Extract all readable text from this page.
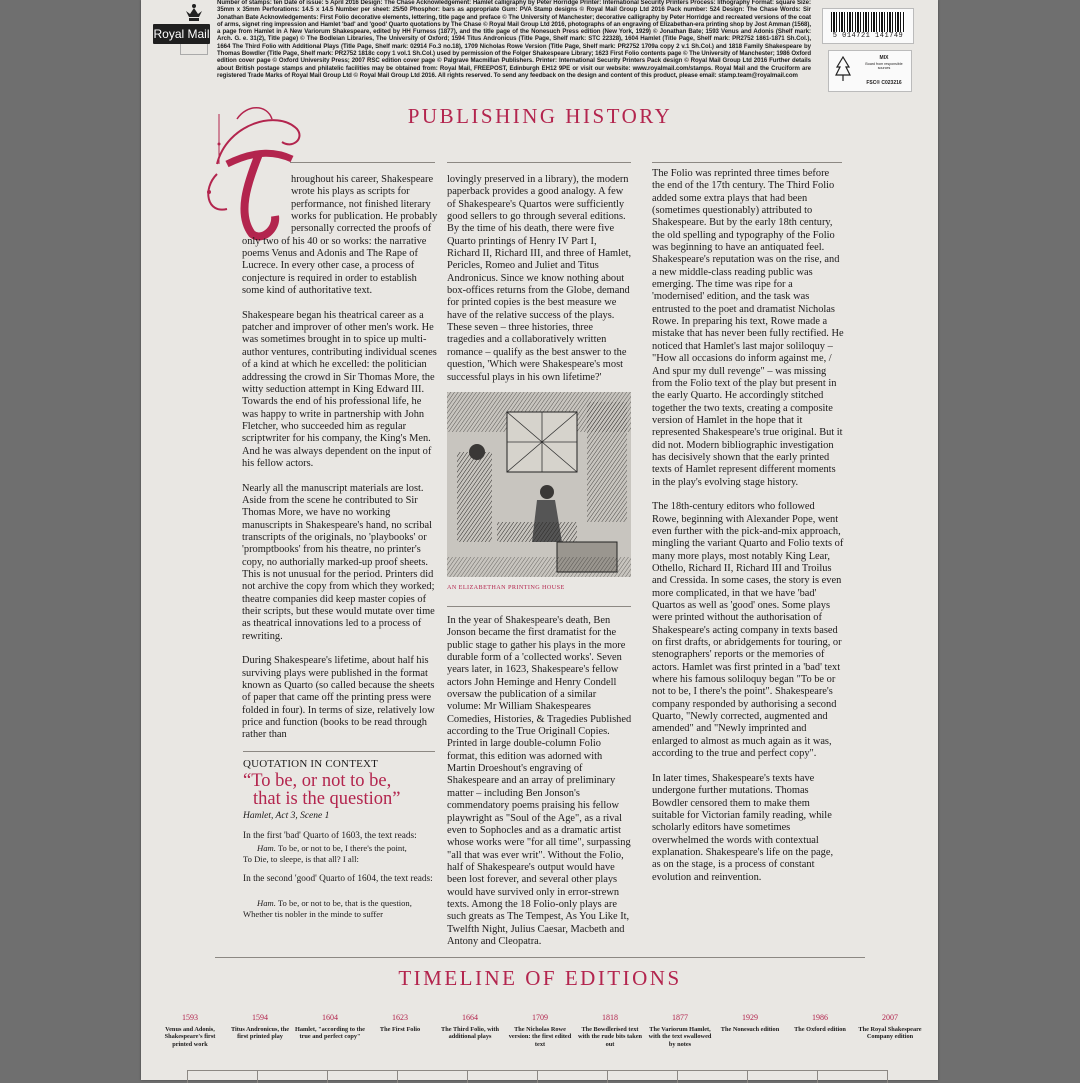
Royal Mail
Number of stamps: ten Date of issue: 5 April 2016 Design: The Chase Acknowledgement: Hamlet calligraphy by Peter Horridge Printer: International Security Printers Process: lithography Format: square Size: 35mm x 35mm Perforations: 14.5 x 14.5 Number per sheet: 25/50 Phosphor: bars as appropriate Gum: PVA Stamp designs © Royal Mail Group Ltd 2016 Pack number: 524 Design: The Chase Words: Sir Jonathan Bate Acknowledgements: First Folio decorative elements, lettering, title page and preface © The University of Manchester; decorative calligraphy by Peter Horridge and recreated versions of the coat of arms, signet ring impression and Hamlet 'bad' and 'good' Quarto quotations by The Chase © Royal Mail Group Ltd 2016, photographs of an engraving of Elizabethan-era printing shop by Jost Amman (1568), a page from Hamlet in A New Variorum Shakespeare, edited by HH Furness (1877), and the title page of the Nonesuch Press edition (New York, 1929) © Jonathan Bate; 1593 Venus and Adonis (Shelf mark: Arch. G. e. 31(2), Title page) © The Bodleian Libraries, The University of Oxford; 1594 Titus Andronicus (Title Page, Shelf mark: STC 22328), 1604 Hamlet (Title Page, Shelf mark: PR2752 1861-1871 Sh.Col.), 1664 The Third Folio with Additional Plays (Title Page, Shelf mark: 02914 Fo.3 no.18), 1709 Nicholas Rowe Version (Title Page, Shelf mark: PR2752 1709a copy 2 v.1 Sh.Col.) and 1818 Family Shakespeare by Thomas Bowdler (Title Page, Shelf mark: PR2752 1818c copy 1 vol.1 Sh.Col.) used by permission of the Folger Shakespeare Library; 1623 First Folio contents page © The University of Manchester; 1986 Oxford edition cover page © Oxford University Press; 2007 RSC edition cover page © Palgrave Macmillan Publishers. Printer: International Security Printers Pack design © Royal Mail Group Ltd 2016 Further details about British postage stamps and philatelic facilities may be obtained from: Royal Mail, FREEPOST, Edinburgh EH12 9PE or visit our website: www.royalmail.com/stamps. Royal Mail and the Cruciform are registered Trade Marks of Royal Mail Group Ltd © Royal Mail Group Ltd 2016. All rights reserved. To send any feedback on the design and content of this product, please email: stamp.team@royalmail.com
5 014721 141749
MIX
Board from responsible sources
FSC® C023216
PUBLISHING HISTORY

hroughout his career, Shakespeare wrote his plays as scripts for performance, not finished literary works for publication. He probably personally corrected the proofs of only two of his 40 or so works: the narrative poems Venus and Adonis and The Rape of Lucrece. In every other case, a process of conjecture is required in order to establish some kind of authoritative text.

Shakespeare began his theatrical career as a patcher and improver of other men's work. He was sometimes brought in to spice up multi-author ventures, contributing individual scenes of a kind at which he excelled: the politician addressing the crowd in Sir Thomas More, the witty seduction attempt in King Edward III. Towards the end of his professional life, he was happy to write in partnership with John Fletcher, who succeeded him as regular scriptwriter for his company, the King's Men. And he was always dependent on the input of his fellow actors.

Nearly all the manuscript materials are lost. Aside from the scene he contributed to Sir Thomas More, we have no working manuscripts in Shakespeare's hand, no scribal transcripts of the originals, no 'playbooks' or 'promptbooks' from his theatre, no printer's copy, no authorially marked-up proof sheets. This is not unusual for the period. Printers did not archive the copy from which they worked; theatre companies did keep master copies of their scripts, but these would mutate over time as theatrical innovations led to a process of rewriting.

During Shakespeare's lifetime, about half his surviving plays were published in the format known as Quarto (so called because the sheets of paper that came off the printing press were folded in four). In terms of size, relatively low price and function (books to be read through rather than

lovingly preserved in a library), the modern paperback provides a good analogy. A few of Shakespeare's Quartos were sufficiently good sellers to go through several editions. By the time of his death, there were five Quarto printings of Henry IV Part I, Richard II, Richard III, and three of Hamlet, Pericles, Romeo and Juliet and Titus Andronicus. Since we know nothing about box-offices returns from the Globe, demand for printed copies is the best measure we have of the relative success of the plays. These seven – three histories, three tragedies and a collaboratively written romance – qualify as the best answer to the question, 'Which were Shakespeare's most successful plays in his own lifetime?'

AN ELIZABETHAN PRINTING HOUSE

In the year of Shakespeare's death, Ben Jonson became the first dramatist for the public stage to gather his plays in the more durable form of a 'collected works'. Seven years later, in 1623, Shakespeare's fellow actors John Heminge and Henry Condell oversaw the publication of a similar volume: Mr William Shakespeares Comedies, Histories, & Tragedies Published according to the True Originall Copies. Printed in large double-column Folio format, this edition was adorned with Martin Droeshout's engraving of Shakespeare and an array of preliminary matter – including Ben Jonson's commendatory poems praising his fellow playwright as "Soul of the Age", as a rival even to Sophocles and as a dramatic artist whose works were "for all time", surpassing "all that was ever writ". Without the Folio, half of Shakespeare's output would have been lost forever, and several other plays would have survived only in error-strewn texts. Among the 18 Folio-only plays are such greats as The Tempest, As You Like It, Twelfth Night, Julius Caesar, Macbeth and Antony and Cleopatra.

The Folio was reprinted three times before the end of the 17th century. The Third Folio added some extra plays that had been (sometimes questionably) attributed to Shakespeare. But by the early 18th century, the old spelling and typography of the Folio was beginning to have an antiquated feel. Shakespeare's reputation was on the rise, and a new middle-class reading public was emerging. The time was ripe for a 'modernised' edition, and the task was entrusted to the poet and dramatist Nicholas Rowe. In preparing his text, Rowe made a mistake that has never been fully rectified. He noticed that Hamlet's last major soliloquy – "How all occasions do inform against me, / And spur my dull revenge" – was missing from the Folio text of the play but present in the early Quarto. He accordingly stitched together the two texts, creating a composite version of Hamlet in the hope that it represented Shakespeare's true original. But it did not. Modern bibliographic investigation has decisively shown that the early printed texts of Hamlet represent different moments in the play's evolving stage history.

The 18th-century editors who followed Rowe, beginning with Alexander Pope, went even further with the pick-and-mix approach, mingling the variant Quarto and Folio texts of many more plays, most notably King Lear, Othello, Richard II, Richard III and Troilus and Cressida. In some cases, the story is even more complicated, in that we have 'bad' Quartos as well as 'good' ones. Some plays were printed without the authorisation of Shakespeare's acting company in texts based on first drafts, or abridgements for touring, or stenographers' reports or the memories of actors. Hamlet was first printed in a 'bad' text where his famous soliloquy began "To be or not to be, I there's the point". Shakespeare's company responded by authorising a second Quarto, "Newly corrected, augmented and amended" and "Newly imprinted and enlarged to almost as much again as it was, according to the true and perfect copy".

In later times, Shakespeare's texts have undergone further mutations. Thomas Bowdler censored them to make them suitable for Victorian family reading, while scholarly editors have sometimes overwhelmed the words with contextual explanation. Shakespeare's life on the page, as on the stage, is a process of constant evolution and reinvention.

QUOTATION IN CONTEXT
“To be, or not to be,
that is the question”
Hamlet, Act 3, Scene 1
In the first 'bad' Quarto of 1603, the text reads:
Ham. To be, or not to be, I there's the point,
To Die, to sleepe, is that all? I all:
In the second 'good' Quarto of 1604, the text reads:
Ham. To be, or not to be, that is the question,
Whether tis nobler in the minde to suffer
TIMELINE OF EDITIONS
1593
Venus and Adonis, Shakespeare's first printed work
1594
Titus Andronicus, the first printed play
1604
Hamlet, "according to the true and perfect copy"
1623
The First Folio
1664
The Third Folio, with additional plays
1709
The Nicholas Rowe version: the first edited text
1818
The Bowdlerised text with the rude bits taken out
1877
The Variorum Hamlet, with the text swallowed by notes
1929
The Nonesuch edition
1986
The Oxford edition
2007
The Royal Shakespeare Company edition
